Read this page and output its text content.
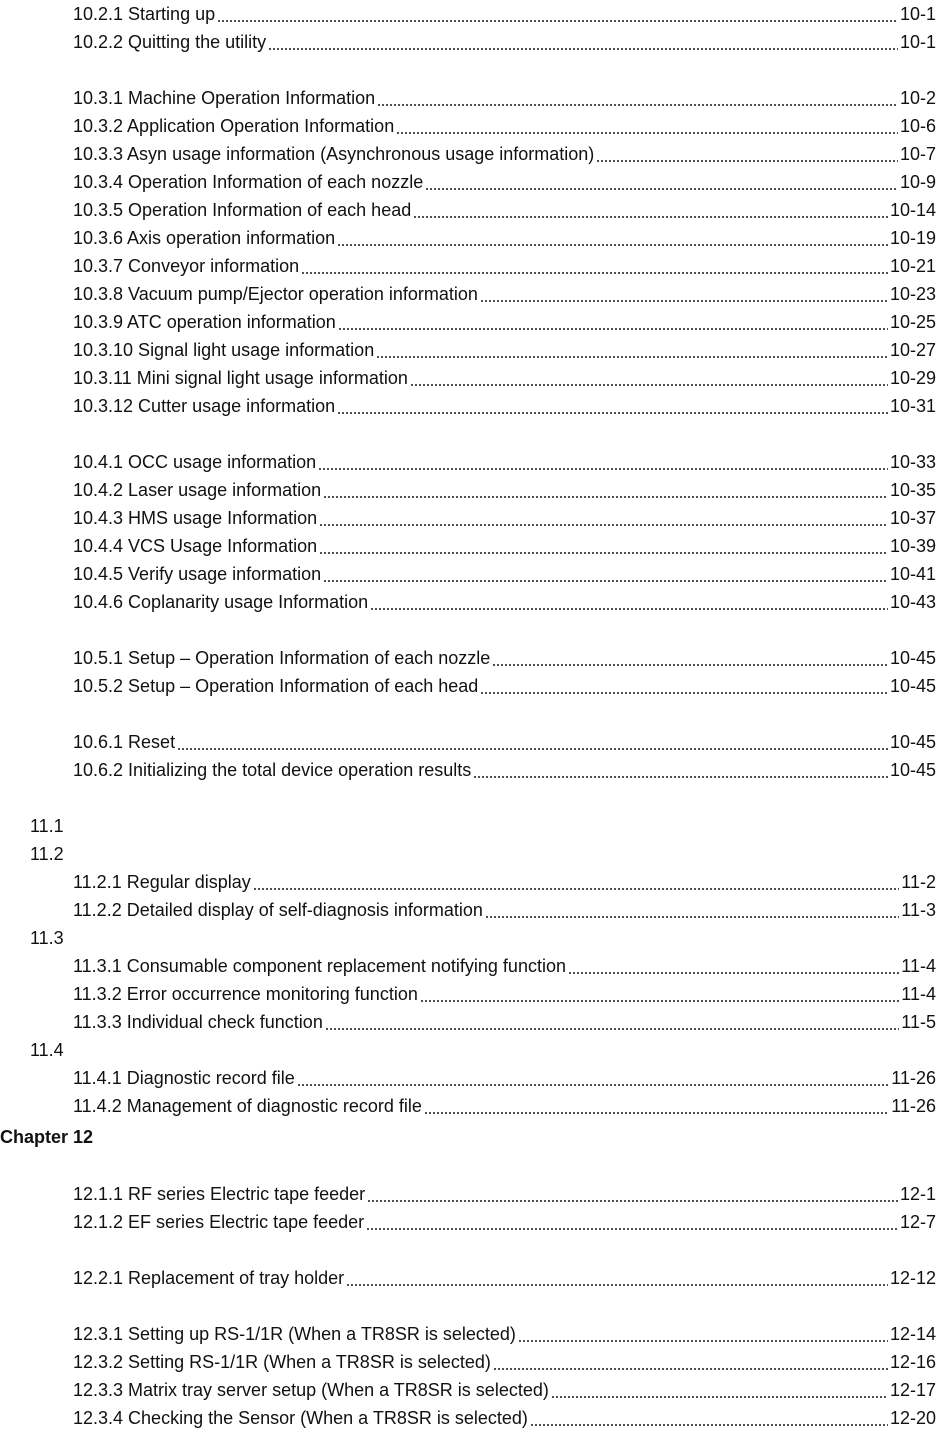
10.2.1 Starting up	10-1
10.2.2 Quitting the utility	10-1
10.3.1 Machine Operation Information	10-2
10.3.2 Application Operation Information	10-6
10.3.3 Asyn usage information (Asynchronous usage information)	10-7
10.3.4 Operation Information of each nozzle	10-9
10.3.5 Operation Information of each head	10-14
10.3.6 Axis operation information	10-19
10.3.7 Conveyor information	10-21
10.3.8 Vacuum pump/Ejector operation information	10-23
10.3.9 ATC operation information	10-25
10.3.10 Signal light usage information	10-27
10.3.11 Mini signal light usage information	10-29
10.3.12 Cutter usage information	10-31
10.4.1 OCC usage information	10-33
10.4.2 Laser usage information	10-35
10.4.3 HMS usage Information	10-37
10.4.4 VCS Usage Information	10-39
10.4.5 Verify usage information	10-41
10.4.6 Coplanarity usage Information	10-43
10.5.1 Setup – Operation Information of each nozzle	10-45
10.5.2 Setup – Operation Information of each head	10-45
10.6.1 Reset	10-45
10.6.2 Initializing the total device operation results	10-45
11.1
11.2
11.2.1 Regular display	11-2
11.2.2 Detailed display of self-diagnosis information	11-3
11.3
11.3.1 Consumable component replacement notifying function	11-4
11.3.2 Error occurrence monitoring function	11-4
11.3.3 Individual check function	11-5
11.4
11.4.1 Diagnostic record file	11-26
11.4.2 Management of diagnostic record file	11-26
Chapter 12
12.1.1 RF series Electric tape feeder	12-1
12.1.2 EF series Electric tape feeder	12-7
12.2.1 Replacement of tray holder	12-12
12.3.1 Setting up RS-1/1R (When a TR8SR is selected)	12-14
12.3.2 Setting RS-1/1R (When a TR8SR is selected)	12-16
12.3.3 Matrix tray server setup (When a TR8SR is selected)	12-17
12.3.4 Checking the Sensor (When a TR8SR is selected)	12-20
